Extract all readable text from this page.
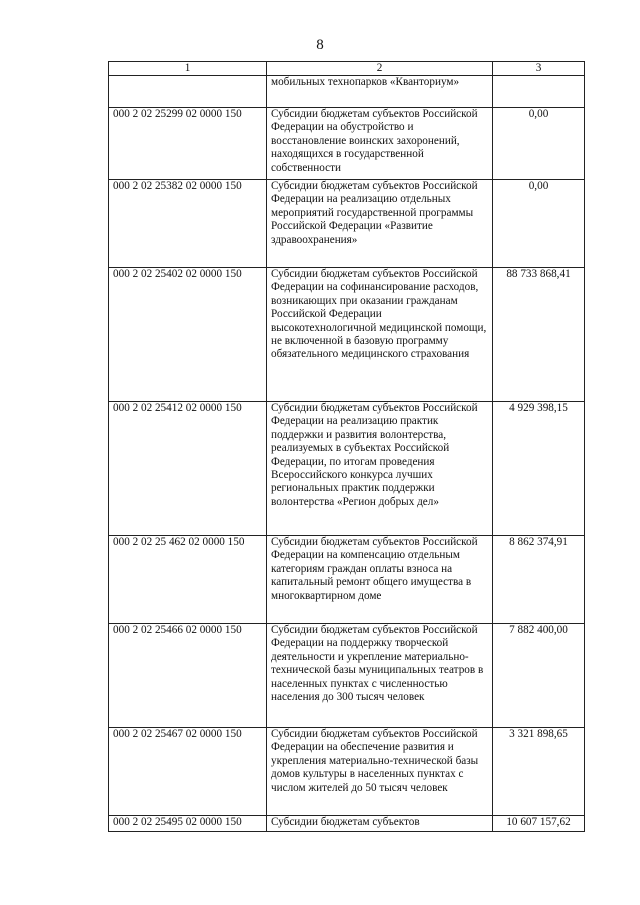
8
1	2	3
	мобильных технопарков «Кванториум»	
000 2 02 25299 02 0000 150	Субсидии бюджетам субъектов Российской Федерации на обустройство и восстановление воинских захоронений, находящихся в государственной собственности	0,00
000 2 02 25382 02 0000 150	Субсидии бюджетам субъектов Российской Федерации на реализацию отдельных мероприятий государственной программы Российской Федерации «Развитие здравоохранения»	0,00
000 2 02 25402 02 0000 150	Субсидии бюджетам субъектов Российской Федерации на софинансирование расходов, возникающих при оказании гражданам Российской Федерации высокотехнологичной медицинской помощи, не включенной в базовую программу обязательного медицинского страхования	88 733 868,41
000 2 02 25412 02 0000 150	Субсидии бюджетам субъектов Российской Федерации на реализацию практик поддержки и развития волонтерства, реализуемых в субъектах Российской Федерации, по итогам проведения Всероссийского конкурса лучших региональных практик поддержки волонтерства «Регион добрых дел»	4 929 398,15
000 2 02 25 462 02 0000 150	Субсидии бюджетам субъектов Российской Федерации на компенсацию отдельным категориям граждан оплаты взноса на капитальный ремонт общего имущества в многоквартирном доме	8 862 374,91
000 2 02 25466 02 0000 150	Субсидии бюджетам субъектов Российской Федерации на поддержку творческой деятельности и укрепление материально-технической базы муниципальных театров в населенных пунктах с численностью населения до 300 тысяч человек	7 882 400,00
000 2 02 25467 02 0000 150	Субсидии бюджетам субъектов Российской Федерации на обеспечение развития и укрепления материально-технической базы домов культуры в населенных пунктах с числом жителей до 50 тысяч человек	3 321 898,65
000 2 02 25495 02 0000 150	Субсидии бюджетам субъектов	10 607 157,62
